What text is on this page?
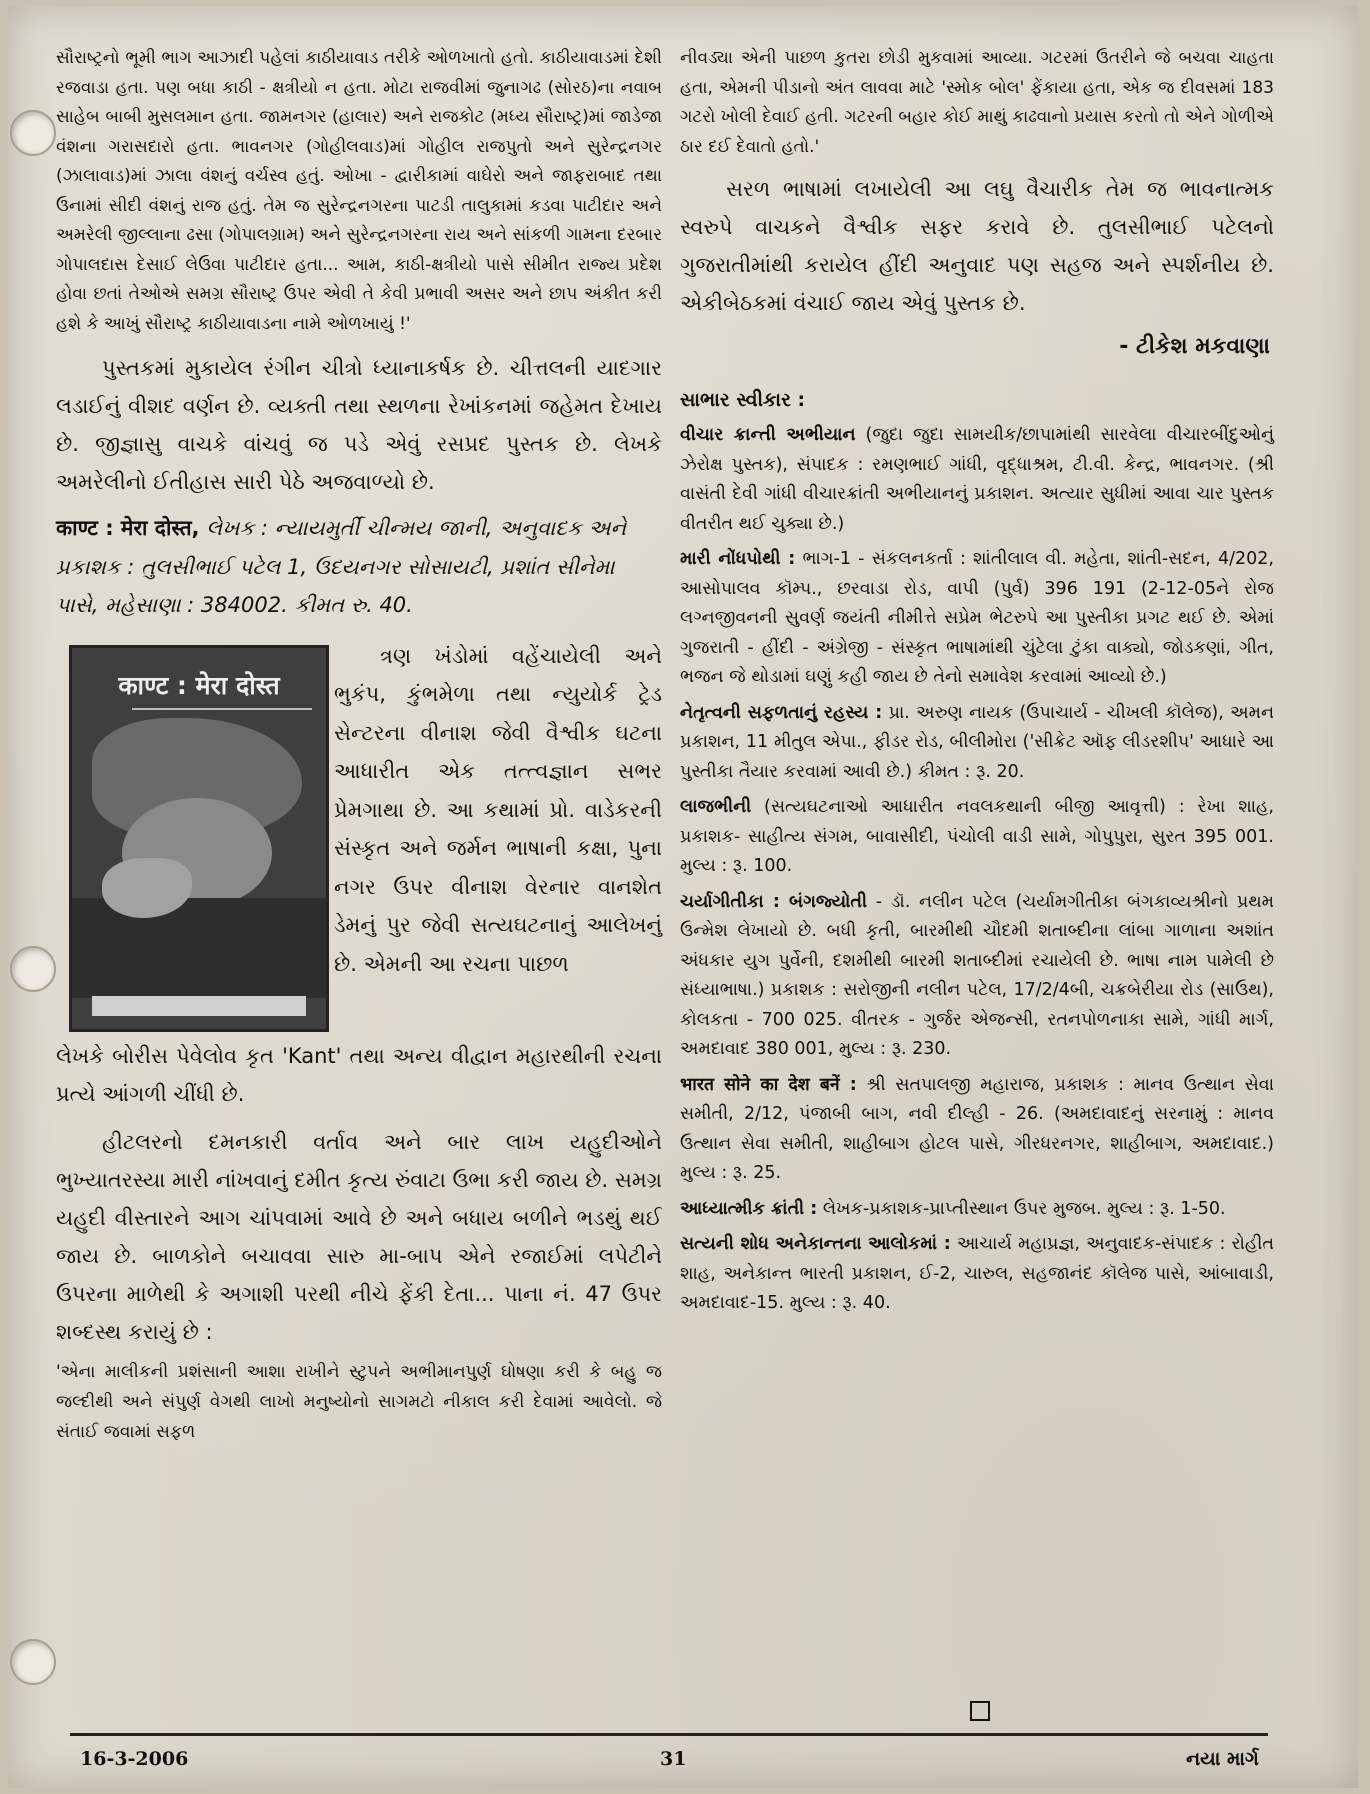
સૌરાષ્ટ્રનો ભૂમી ભાગ આઝાદી પહેલાં કાઠીયાવાડ તરીકે ઓળખાતો હતો. કાઠીયાવાડમાં દેશી રજવાડા હતા. પણ બધા કાઠી - ક્ષત્રીયો ન હતા. મોટા રાજવીમાં જુનાગઢ (સોરઠ)ના નવાબ સાહેબ બાબી મુસલમાન હતા. જામનગર (હાલાર) અને રાજકોટ (મધ્ય સૌરાષ્ટ્ર)માં જાડેજા વંશના ગરાસદારો હતા. ભાવનગર (ગોહીલવાડ)માં ગોહીલ રાજપુતો અને સુરેન્દ્રનગર (ઝાલાવાડ)માં ઝાલા વંશનું વર્ચસ્વ હતું. ઓખા - દ્વારીકામાં વાઘેરો અને જાફરાબાદ તથા ઉનામાં સીદી વંશનું રાજ હતું. તેમ જ સુરેન્દ્રનગરના પાટડી તાલુકામાં કડવા પાટીદાર અને અમરેલી જીલ્લાના ઢસા (ગોપાલગ્રામ) અને સુરેન્દ્રનગરના રાય અને સાંકળી ગામના દરબાર ગોપાલદાસ દેસાઈ લેઉવા પાટીદાર હતા... આમ, કાઠી-ક્ષત્રીયો પાસે સીમીત રાજ્ય પ્રદેશ હોવા છતાં તેઓએ સમગ્ર સૌરાષ્ટ્ર ઉપર એવી તે કેવી પ્રભાવી અસર અને છાપ અંકીત કરી હશે કે આખું સૌરાષ્ટ્ર કાઠીયાવાડના નામે ઓળખાયું !'

પુસ્તકમાં મુકાયેલ રંગીન ચીત્રો ધ્યાનાકર્ષક છે. ચીત્તલની યાદગાર લડાઈનું વીશદ વર્ણન છે. વ્યક્તી તથા સ્થળના રેખાંકનમાં જહેમત દેખાય છે. જીજ્ઞાસુ વાચકે વાંચવું જ પડે એવું રસપ્રદ પુસ્તક છે. લેખકે અમરેલીનો ઈતીહાસ સારી પેઠે અજવાળ્યો છે.

काण्ट : मेरा दोस्त, લેખક : ન્યાયમુર્તી ચીન્મય જાની, અનુવાદક અને પ્રકાશક : તુલસીભાઈ પટેલ 1, ઉદયનગર સોસાયટી, પ્રશાંત સીનેમા પાસે, મહેસાણા : 384002. કીમત રુ. 40.

काण्ट : मेरा दोस्त

ત્રણ ખંડોમાં વહેંચાયેલી અને ભુકંપ, કુંભમેળા તથા ન્યુયોર્ક ટ્રેડ સેન્ટરના વીનાશ જેવી વૈશ્વીક ઘટના આધારીત એક તત્ત્વજ્ઞાન સભર પ્રેમગાથા છે. આ કથામાં પ્રો. વાડેકરની સંસ્કૃત અને જર્મન ભાષાની કક્ષા, પુના નગર ઉપર વીનાશ વેરનાર વાનશેત ડેમનું પુર જેવી સત્યઘટનાનું આલેખનું છે. એમની આ રચના પાછળ

લેખકે બોરીસ પેવેલોવ કૃત 'Kant' તથા અન્ય વીદ્વાન મહારથીની રચના પ્રત્યે આંગળી ચીંધી છે.

હીટલરનો દમનકારી વર્તાવ અને બાર લાખ યહુદીઓને ભુખ્યાતરસ્યા મારી નાંખવાનું દમીત કૃત્ય રુંવાટા ઉભા કરી જાય છે. સમગ્ર યહુદી વીસ્તારને આગ ચાંપવામાં આવે છે અને બધાય બળીને ભડથું થઈ જાય છે. બાળકોને બચાવવા સારુ મા-બાપ એને રજાઈમાં લપેટીને ઉપરના માળેથી કે અગાશી પરથી નીચે ફેંકી દેતા... પાના નં. 47 ઉપર શબ્દસ્થ કરાયું છે :

'એના માલીકની પ્રશંસાની આશા રાખીને સ્ટુપને અભીમાનપુર્ણ ઘોષણા કરી કે બહુ જ જલ્દીથી અને સંપુર્ણ વેગથી લાખો મનુષ્યોનો સાગમટો નીકાલ કરી દેવામાં આવેલો. જે સંતાઈ જવામાં સફળ

નીવડ્યા એની પાછળ કુતરા છોડી મુકવામાં આવ્યા. ગટરમાં ઉતરીને જે બચવા ચાહતા હતા, એમની પીડાનો અંત લાવવા માટે 'સ્મોક બોલ' ફેંકાયા હતા, એક જ દીવસમાં 183 ગટરો ખોલી દેવાઈ હતી. ગટરની બહાર કોઈ માથું કાઢવાનો પ્રયાસ કરતો તો એને ગોળીએ ઠાર દઈ દેવાતો હતો.'

સરળ ભાષામાં લખાયેલી આ લઘુ વૈચારીક તેમ જ ભાવનાત્મક સ્વરુપે વાચકને વૈશ્વીક સફર કરાવે છે. તુલસીભાઈ પટેલનો ગુજરાતીમાંથી કરાયેલ હીંદી અનુવાદ પણ સહજ અને સ્પર્શનીય છે. એકીબેઠકમાં વંચાઈ જાય એવું પુસ્તક છે.

- ટીકેશ મકવાણા

સાભાર સ્વીકાર :

વીચાર ક્રાન્તી અભીયાન (જુદા જુદા સામયીક/છાપામાંથી સારવેલા વીચારબીંદુઓનું ઝેરોક્ષ પુસ્તક), સંપાદક : રમણભાઈ ગાંધી, વૃદ્ધાશ્રમ, ટી.વી. કેન્દ્ર, ભાવનગર. (શ્રી વાસંતી દેવી ગાંધી વીચારક્રાંતી અભીયાનનું પ્રકાશન. અત્યાર સુધીમાં આવા ચાર પુસ્તક વીતરીત થઈ ચુક્યા છે.)

મારી નોંધપોથી : ભાગ-1 - સંકલનકર્તા : શાંતીલાલ વી. મહેતા, શાંતી-સદન, 4/202, આસોપાલવ કૉમ્પ., છરવાડા રોડ, વાપી (પુર્વ) 396 191 (2-12-05ને રોજ લગ્નજીવનની સુવર્ણ જયંતી નીમીત્તે સપ્રેમ ભેટરુપે આ પુસ્તીકા પ્રગટ થઈ છે. એમાં ગુજરાતી - હીંદી - અંગ્રેજી - સંસ્કૃત ભાષામાંથી ચુંટેલા ટુંકા વાક્યો, જોડકણાં, ગીત, ભજન જે થોડામાં ઘણું કહી જાય છે તેનો સમાવેશ કરવામાં આવ્યો છે.)

નેતૃત્વની સફળતાનું રહસ્ય : પ્રા. અરુણ નાયક (ઉપાચાર્ય - ચીખલી કૉલેજ), અમન પ્રકાશન, 11 મીતુલ એપા., ફીડર રોડ, બીલીમોરા ('સીક્રેટ ઑફ લીડરશીપ' આધારે આ પુસ્તીકા તૈયાર કરવામાં આવી છે.) કીમત : રૂ. 20.

લાજભીની (સત્યઘટનાઓ આધારીત નવલકથાની બીજી આવૃત્તી) : રેખા શાહ, પ્રકાશક- સાહીત્ય સંગમ, બાવાસીદી, પંચોલી વાડી સામે, ગોપુપુરા, સુરત 395 001. મુલ્ય : રૂ. 100.

ચર્યાગીતીકા : બંગજ્યોતી - ડૉ. નલીન પટેલ (ચર્યામગીતીકા બંગકાવ્યશ્રીનો પ્રથમ ઉન્મેશ લેખાયો છે. બધી કૃતી, બારમીથી ચૌદમી શતાબ્દીના લાંબા ગાળાના અશાંત અંધકાર યુગ પુર્વેની, દશમીથી બારમી શતાબ્દીમાં રચાયેલી છે. ભાષા નામ પામેલી છે સંધ્યાભાષા.) પ્રકાશક : સરોજીની નલીન પટેલ, 17/2/4બી, ચક્રબેરીયા રોડ (સાઉથ), કોલકતા - 700 025. વીતરક - ગુર્જર એજન્સી, રતનપોળનાકા સામે, ગાંધી માર્ગ, અમદાવાદ 380 001, મુલ્ય : રૂ. 230.

भारत सोने का देश बनें : શ્રી સતપાલજી મહારાજ, પ્રકાશક : માનવ ઉત્થાન સેવા સમીતી, 2/12, પંજાબી બાગ, નવી દીલ્હી - 26. (અમદાવાદનું સરનામું : માનવ ઉત્થાન સેવા સમીતી, શાહીબાગ હોટલ પાસે, ગીરધરનગર, શાહીબાગ, અમદાવાદ.) મુલ્ય : રૂ. 25.

આધ્યાત્મીક ક્રાંતી : લેખક-પ્રકાશક-પ્રાપ્તીસ્થાન ઉપર મુજબ. મુલ્ય : રૂ. 1-50.

સત્યની શોધ અનેકાન્તના આલોકમાં : આચાર્ય મહાપ્રજ્ઞ, અનુવાદક-સંપાદક : રોહીત શાહ, અનેકાન્ત ભારતી પ્રકાશન, ઈ-2, ચારુલ, સહજાનંદ કૉલેજ પાસે, આંબાવાડી, અમદાવાદ-15. મુલ્ય : રૂ. 40.

16-3-2006	31	નયા માર્ગ
